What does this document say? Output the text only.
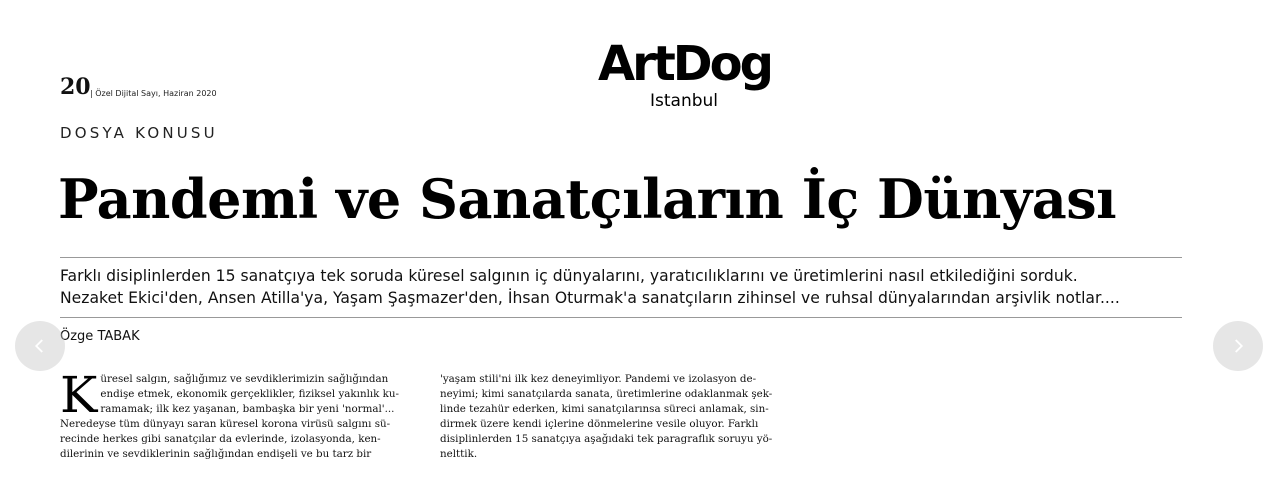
20 | Özel Dijital Sayı, Haziran 2020
ArtDog
Istanbul
DOSYA KONUSU
Pandemi ve Sanatçıların İç Dünyası
Farklı disiplinlerden 15 sanatçıya tek soruda küresel salgının iç dünyalarını, yaratıcılıklarını ve üretimlerini nasıl etkilediğini sorduk.
Nezaket Ekici'den, Ansen Atilla'ya, Yaşam Şaşmazer'den, İhsan Oturmak'a sanatçıların zihinsel ve ruhsal dünyalarından arşivlik notlar....
Özge TABAK
K üresel salgın, sağlığımız ve sevdiklerimizin sağlığından
endişe etmek, ekonomik gerçeklikler, fiziksel yakınlık ku-
ramamak; ilk kez yaşanan, bambaşka bir yeni 'normal'...
Neredeyse tüm dünyayı saran küresel korona virüsü salgını sü-
recinde herkes gibi sanatçılar da evlerinde, izolasyonda, ken-
dilerinin ve sevdiklerinin sağlığından endişeli ve bu tarz bir
'yaşam stili'ni ilk kez deneyimliyor. Pandemi ve izolasyon de-
neyimi; kimi sanatçılarda sanata, üretimlerine odaklanmak şek-
linde tezahür ederken, kimi sanatçılarınsa süreci anlamak, sin-
dirmek üzere kendi içlerine dönmelerine vesile oluyor. Farklı
disiplinlerden 15 sanatçıya aşağıdaki tek paragraflık soruyu yö-
nelttik.
